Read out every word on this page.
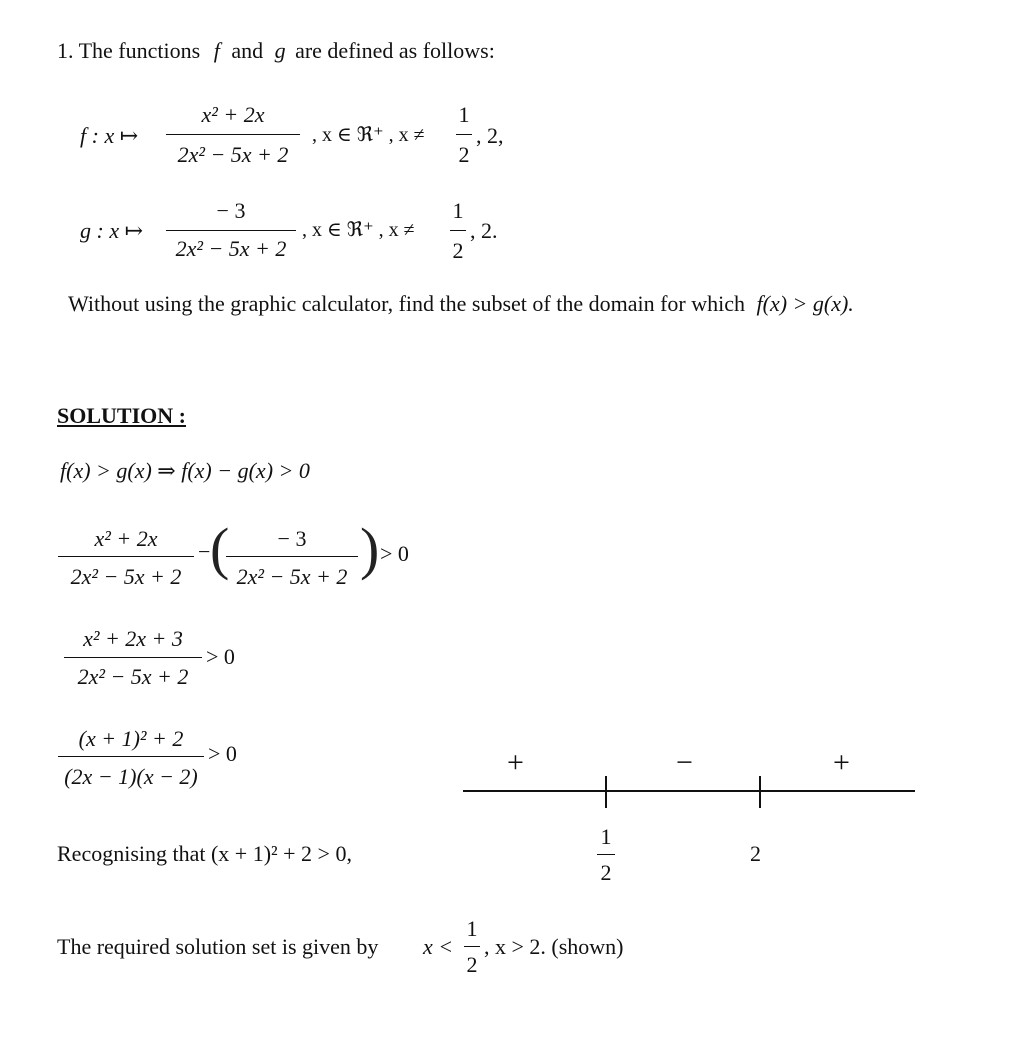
1. The functions f and g are defined as follows:
f : x ↦
x² + 2x
2x² − 5x + 2
, x ∈ ℜ⁺ , x ≠
1
2
, 2,
g : x ↦
− 3
2x² − 5x + 2
, x ∈ ℜ⁺ , x ≠
1
2
, 2.
Without using the graphic calculator, find the subset of the domain for which f(x) > g(x).
SOLUTION :
f(x) > g(x) ⇒ f(x) − g(x) > 0
x² + 2x
2x² − 5x + 2
− (	− 3
2x² − 5x + 2 ) > 0
x² + 2x + 3
2x² − 5x + 2
> 0
(x + 1)² + 2
(2x − 1)(x − 2)
> 0	+	−	+
1
2
2
Recognising that (x + 1)² + 2 > 0,
The required solution set is given by x <
1
2
, x > 2. (shown)
